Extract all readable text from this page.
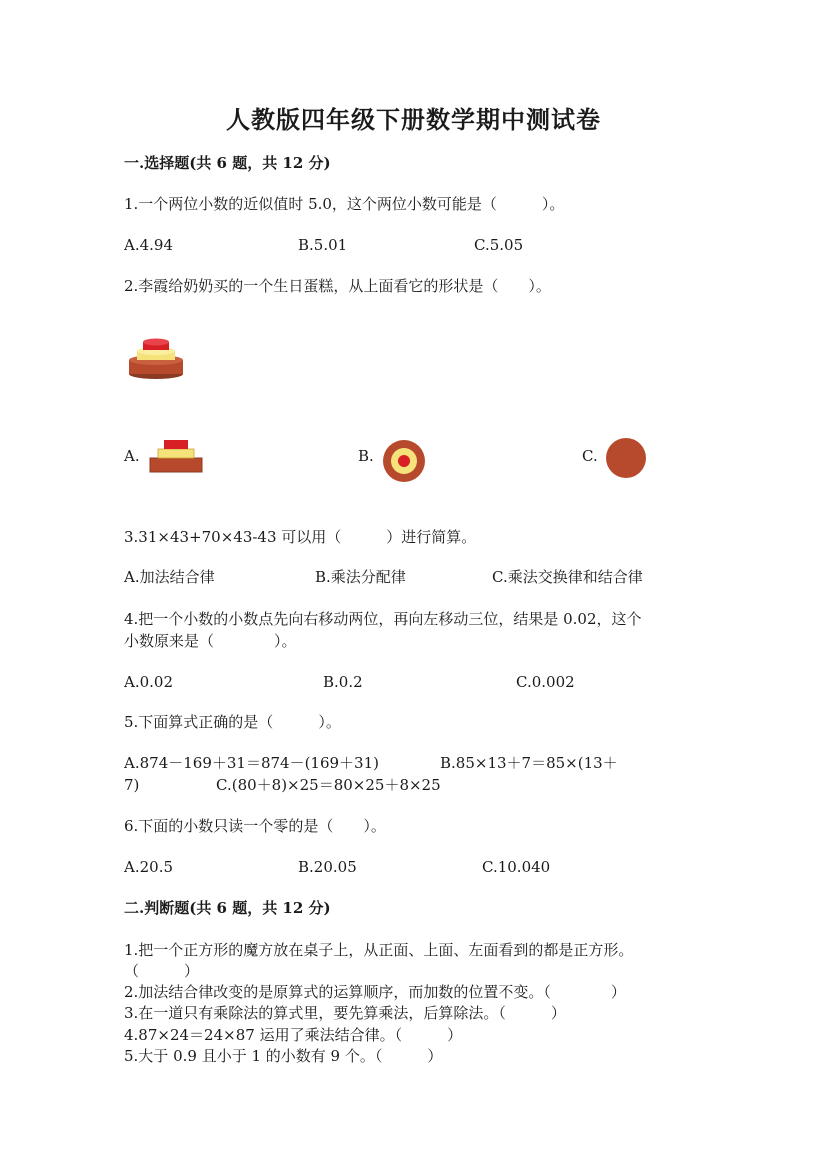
人教版四年级下册数学期中测试卷
一.选择题(共 6 题，共 12 分)
1.一个两位小数的近似值时 5.0，这个两位小数可能是（　　　）。
A.4.94	B.5.01	C.5.05
2.李霞给奶奶买的一个生日蛋糕，从上面看它的形状是（　　）。
A.	B.	C.
3.31×43+70×43-43 可以用（　　　）进行简算。
A.加法结合律	B.乘法分配律	C.乘法交换律和结合律
4.把一个小数的小数点先向右移动两位，再向左移动三位，结果是 0.02，这个
小数原来是（　　　　）。
A.0.02	B.0.2	C.0.002
5.下面算式正确的是（　　　）。
A.874－169＋31＝874－(169＋31)	B.85×13＋7＝85×(13＋
7)	C.(80＋8)×25＝80×25＋8×25
6.下面的小数只读一个零的是（　　）。
A.20.5	B.20.05	C.10.040
二.判断题(共 6 题，共 12 分)
1.把一个正方形的魔方放在桌子上，从正面、上面、左面看到的都是正方形。
（　　　）
2.加法结合律改变的是原算式的运算顺序，而加数的位置不变。（　　　　）
3.在一道只有乘除法的算式里，要先算乘法，后算除法。（　　　）
4.87×24＝24×87 运用了乘法结合律。（　　　）
5.大于 0.9 且小于 1 的小数有 9 个。（　　　）
